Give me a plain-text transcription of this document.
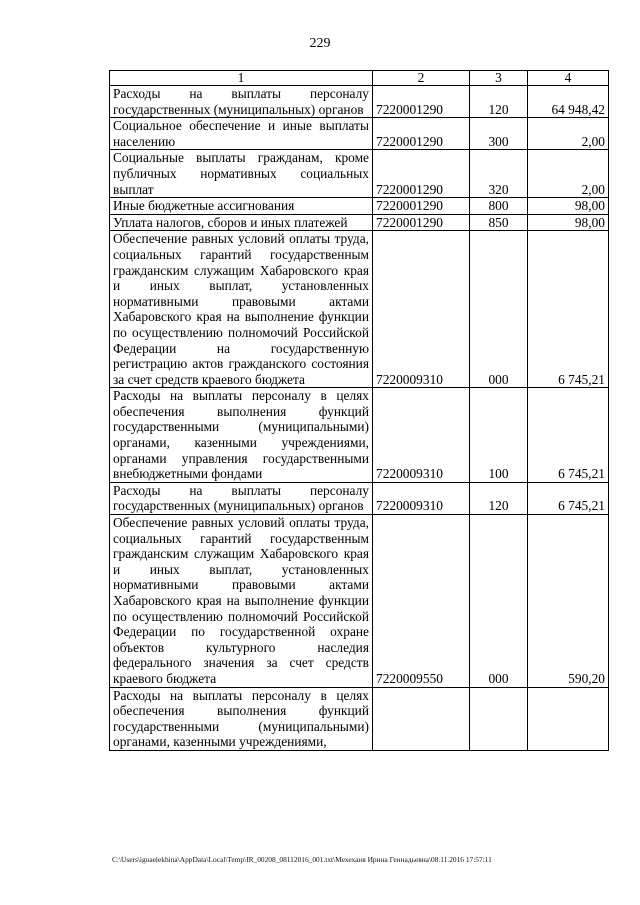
229
1	2	3	4
Расходы на выплаты персоналу государственных (муниципальных) органов	7220001290	120	64 948,42
Социальное обеспечение и иные выплаты населению	7220001290	300	2,00
Социальные выплаты гражданам, кроме публичных нормативных социальных выплат	7220001290	320	2,00
Иные бюджетные ассигнования	7220001290	800	98,00
Уплата налогов, сборов и иных платежей	7220001290	850	98,00
Обеспечение равных условий оплаты труда, социальных гарантий государственным гражданским служащим Хабаровского края и иных выплат, установленных нормативными правовыми актами Хабаровского края на выполнение функции по осуществлению полномочий Российской Федерации на государственную регистрацию актов гражданского состояния за счет средств краевого бюджета	7220009310	000	6 745,21
Расходы на выплаты персоналу в целях обеспечения выполнения функций государственными (муниципальными) органами, казенными учреждениями, органами управления государственными внебюджетными фондами	7220009310	100	6 745,21
Расходы на выплаты персоналу государственных (муниципальных) органов	7220009310	120	6 745,21
Обеспечение равных условий оплаты труда, социальных гарантий государственным гражданским служащим Хабаровского края и иных выплат, установленных нормативными правовыми актами Хабаровского края на выполнение функции по осуществлению полномочий Российской Федерации по государственной охране объектов культурного наследия федерального значения за счет средств краевого бюджета	7220009550	000	590,20
Расходы на выплаты персоналу в целях обеспечения выполнения функций государственными (муниципальными) органами, казенными учреждениями,			
C:\Users\iguaelekhina\AppData\Local\Temp\IR_00208_08112016_001.txt\Мехеханя Ирина Геннадьевна\08.11.2016 17:57:11
